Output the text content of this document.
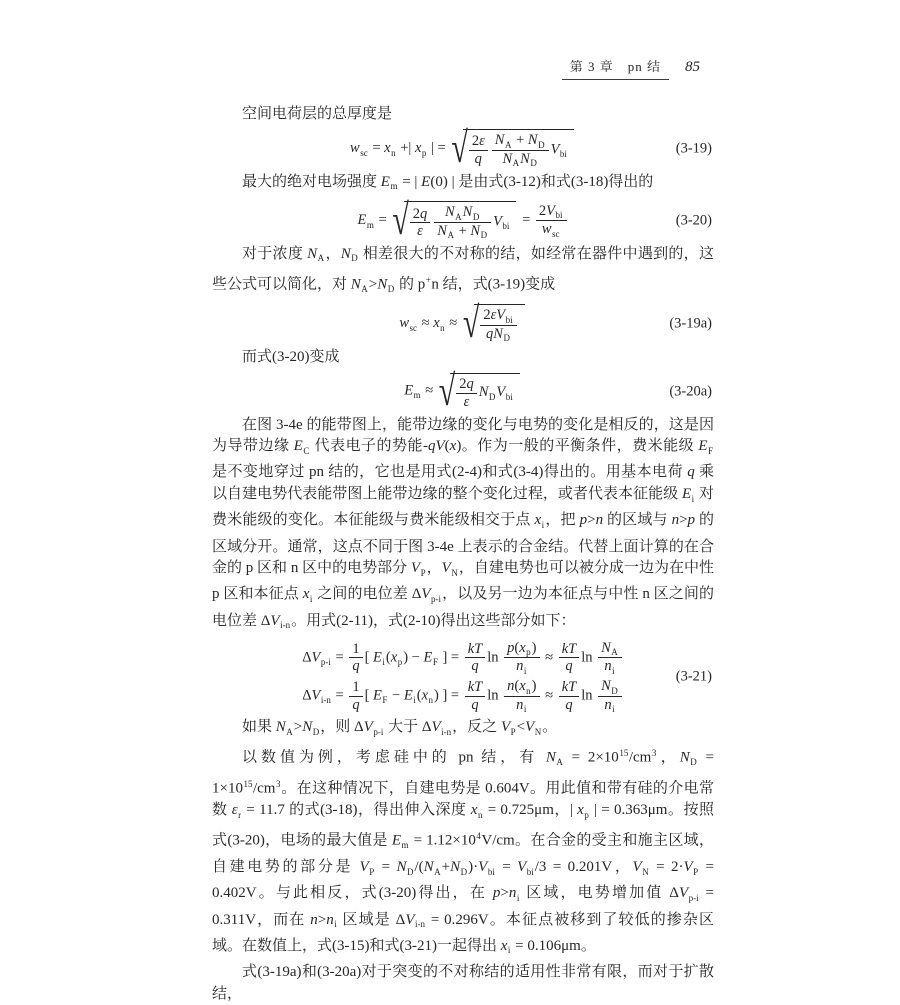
第 3 章 pn 结	85

空间电荷层的总厚度是

$w_{sc} = x_n$ +| $x_p$ | = √ $\frac{2\varepsilon}{q} \frac{N_A + N_D}{N_AN_D} V_{bi}$	(3-19)

最大的绝对电场强度 $E_m$ = | E(0) | 是由式(3-12)和式(3-18)得出的

$E_m$ = √ $\frac{2q}{\varepsilon} \frac{N_AN_D}{N_A + N_D} V_{bi} = \frac{2V_{bi}}{w_{sc}}$	(3-20)

对于浓度 $N_A$，$N_D$ 相差很大的不对称的结，如经常在器件中遇到的，这些公式可以简化，对 $N_A>N_D$ 的 p+n 结，式(3-19)变成

$w_{sc} \approx x_n$ ≈ √ $\frac{2\varepsilon V_{bi}}{qN_D}$	(3-19a)

而式(3-20)变成

$E_m$ ≈ √ $\frac{2q}{\varepsilon} N_DV_{bi}$	(3-20a)

在图 3-4e 的能带图上，能带边缘的变化与电势的变化是相反的，这是因为导带边缘 $E_C$ 代表电子的势能-qV(x)。作为一般的平衡条件，费米能级 $E_F$ 是不变地穿过 pn 结的，它也是用式(2-4)和式(3-4)得出的。用基本电荷 q 乘以自建电势代表能带图上能带边缘的整个变化过程，或者代表本征能级 $E_i$ 对费米能级的变化。本征能级与费米能级相交于点 $x_i$，把 p>n 的区域与 n>p 的区域分开。通常，这点不同于图 3-4e 上表示的合金结。代替上面计算的在合金的 p 区和 n 区中的电势部分 $V_P$，$V_N$，自建电势也可以被分成一边为在中性 p 区和本征点 $x_i$ 之间的电位差 $\Delta V_{p-i}$，以及另一边为本征点与中性 n 区之间的电位差 $\Delta V_{i-n}$。用式(2-11)，式(2-10)得出这些部分如下：

$\Delta V_{p-i} = \frac{1}{q}$ [ $E_i(x_p) - E_F$ ] = $\frac{kT}{q}$ $\ln \frac{p(x_p)}{n_i} \approx \frac{kT}{q}$ $\ln \frac{N_A}{n_i}$
$\Delta V_{i-n} = \frac{1}{q}$ [ $E_F - E_i(x_n)$ ] = $\frac{kT}{q}$ $\ln \frac{n(x_n)}{n_i} \approx \frac{kT}{q}$ $\ln \frac{N_D}{n_i}$
(3-21)

如果 $N_A>N_D$，则 $\Delta V_{p-i}$ 大于 $\Delta V_{i-n}$，反之 $V_P<V_N$。

以数值为例，考虑硅中的 pn 结，有 $N_A = 2\times 10^{15}/cm^3$，$N_D = 1\times 10^{15}/cm^3$。在这种情况下，自建电势是 0.604V。用此值和带有硅的介电常数 $\varepsilon_r = 11.7$ 的式(3-18)，得出伸入深度 $x_n = 0.725\mu m$，| $x_p$ | = 0.363μm。按照式(3-20)，电场的最大值是 $E_m = 1.12\times 10^4V/cm$。在合金的受主和施主区域，自建电势的部分是 $V_P = N_D/(N_A+N_D)\cdot V_{bi} = V_{bi}/3 = 0.201V$，$V_N = 2\cdot V_P = 0.402V$。与此相反，式(3-20)得出，在 $p>n_i$ 区域，电势增加值 $\Delta V_{p-i} = 0.311V$，而在 $n>n_i$ 区域是 $\Delta V_{i-n} = 0.296V$。本征点被移到了较低的掺杂区域。在数值上，式(3-15)和式(3-21)一起得出 $x_i = 0.106\mu m$。

式(3-19a)和(3-20a)对于突变的不对称结的适用性非常有限，而对于扩散结，
